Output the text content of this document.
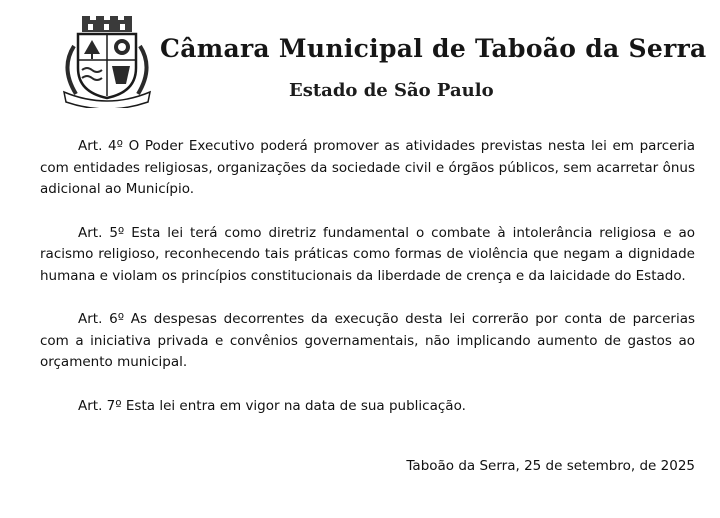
Câmara Municipal de Taboão da Serra
Estado de São Paulo

Art. 4º O Poder Executivo poderá promover as atividades previstas nesta lei em parceria com entidades religiosas, organizações da sociedade civil e órgãos públicos, sem acarretar ônus adicional ao Município.

Art. 5º Esta lei terá como diretriz fundamental o combate à intolerância religiosa e ao racismo religioso, reconhecendo tais práticas como formas de violência que negam a dignidade humana e violam os princípios constitucionais da liberdade de crença e da laicidade do Estado.

Art. 6º As despesas decorrentes da execução desta lei correrão por conta de parcerias com a iniciativa privada e convênios governamentais, não implicando aumento de gastos ao orçamento municipal.

Art. 7º Esta lei entra em vigor na data de sua publicação.

Taboão da Serra, 25 de setembro, de 2025
